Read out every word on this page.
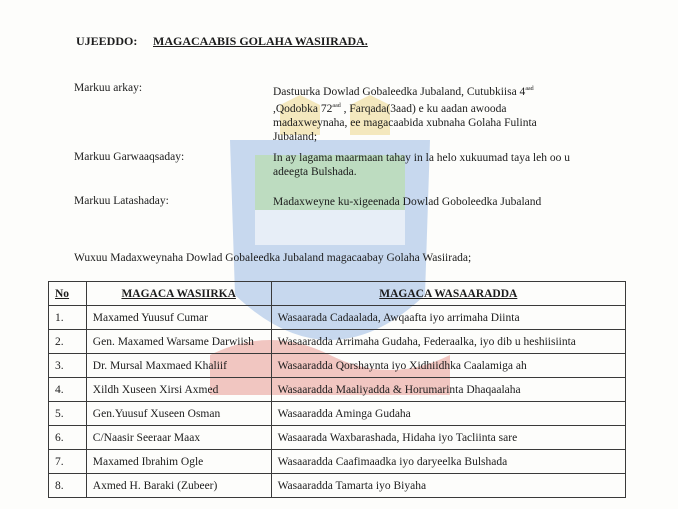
UJEEDDO: MAGACAABIS GOLAHA WASIIRADA.
Markuu arkay:	Dastuurka Dowlad Gobaleedka Jubaland, Cutubkiisa $4^{aad}$ ,Qodobka $72^{aad}$ , Farqada(3aad) e ku aadan awooda madaxweynaha, ee magacaabida xubnaha Golaha Fulinta Jubaland;
Markuu Garwaaqsaday:	In ay lagama maarmaan tahay in la helo xukuumad taya leh oo u adeegta Bulshada.
Markuu Latashaday:	Madaxweyne ku-xigeenada Dowlad Goboleedka Jubaland
Wuxuu Madaxweynaha Dowlad Gobaleedka Jubaland magacaabay Golaha Wasiirada;
No	MAGACA WASIIRKA	MAGACA WASAARADDA
1.	Maxamed Yuusuf Cumar	Wasaarada Cadaalada, Awqaafta iyo arrimaha Diinta
2.	Gen. Maxamed Warsame Darwiish	Wasaaradda Arrimaha Gudaha, Federaalka, iyo dib u heshiisiinta
3.	Dr. Mursal Maxmaed Khaliif	Wasaaradda Qorshaynta iyo Xidhiidhka Caalamiga ah
4.	Xildh Xuseen Xirsi Axmed	Wasaaradda Maaliyadda & Horumarinta Dhaqaalaha
5.	Gen.Yuusuf Xuseen Osman	Wasaaradda Aminga Gudaha
6.	C/Naasir Seeraar Maax	Wasaarada Waxbarashada, Hidaha iyo Tacliinta sare
7.	Maxamed Ibrahim Ogle	Wasaaradda Caafimaadka iyo daryeelka Bulshada
8.	Axmed H. Baraki (Zubeer)	Wasaaradda Tamarta iyo Biyaha
